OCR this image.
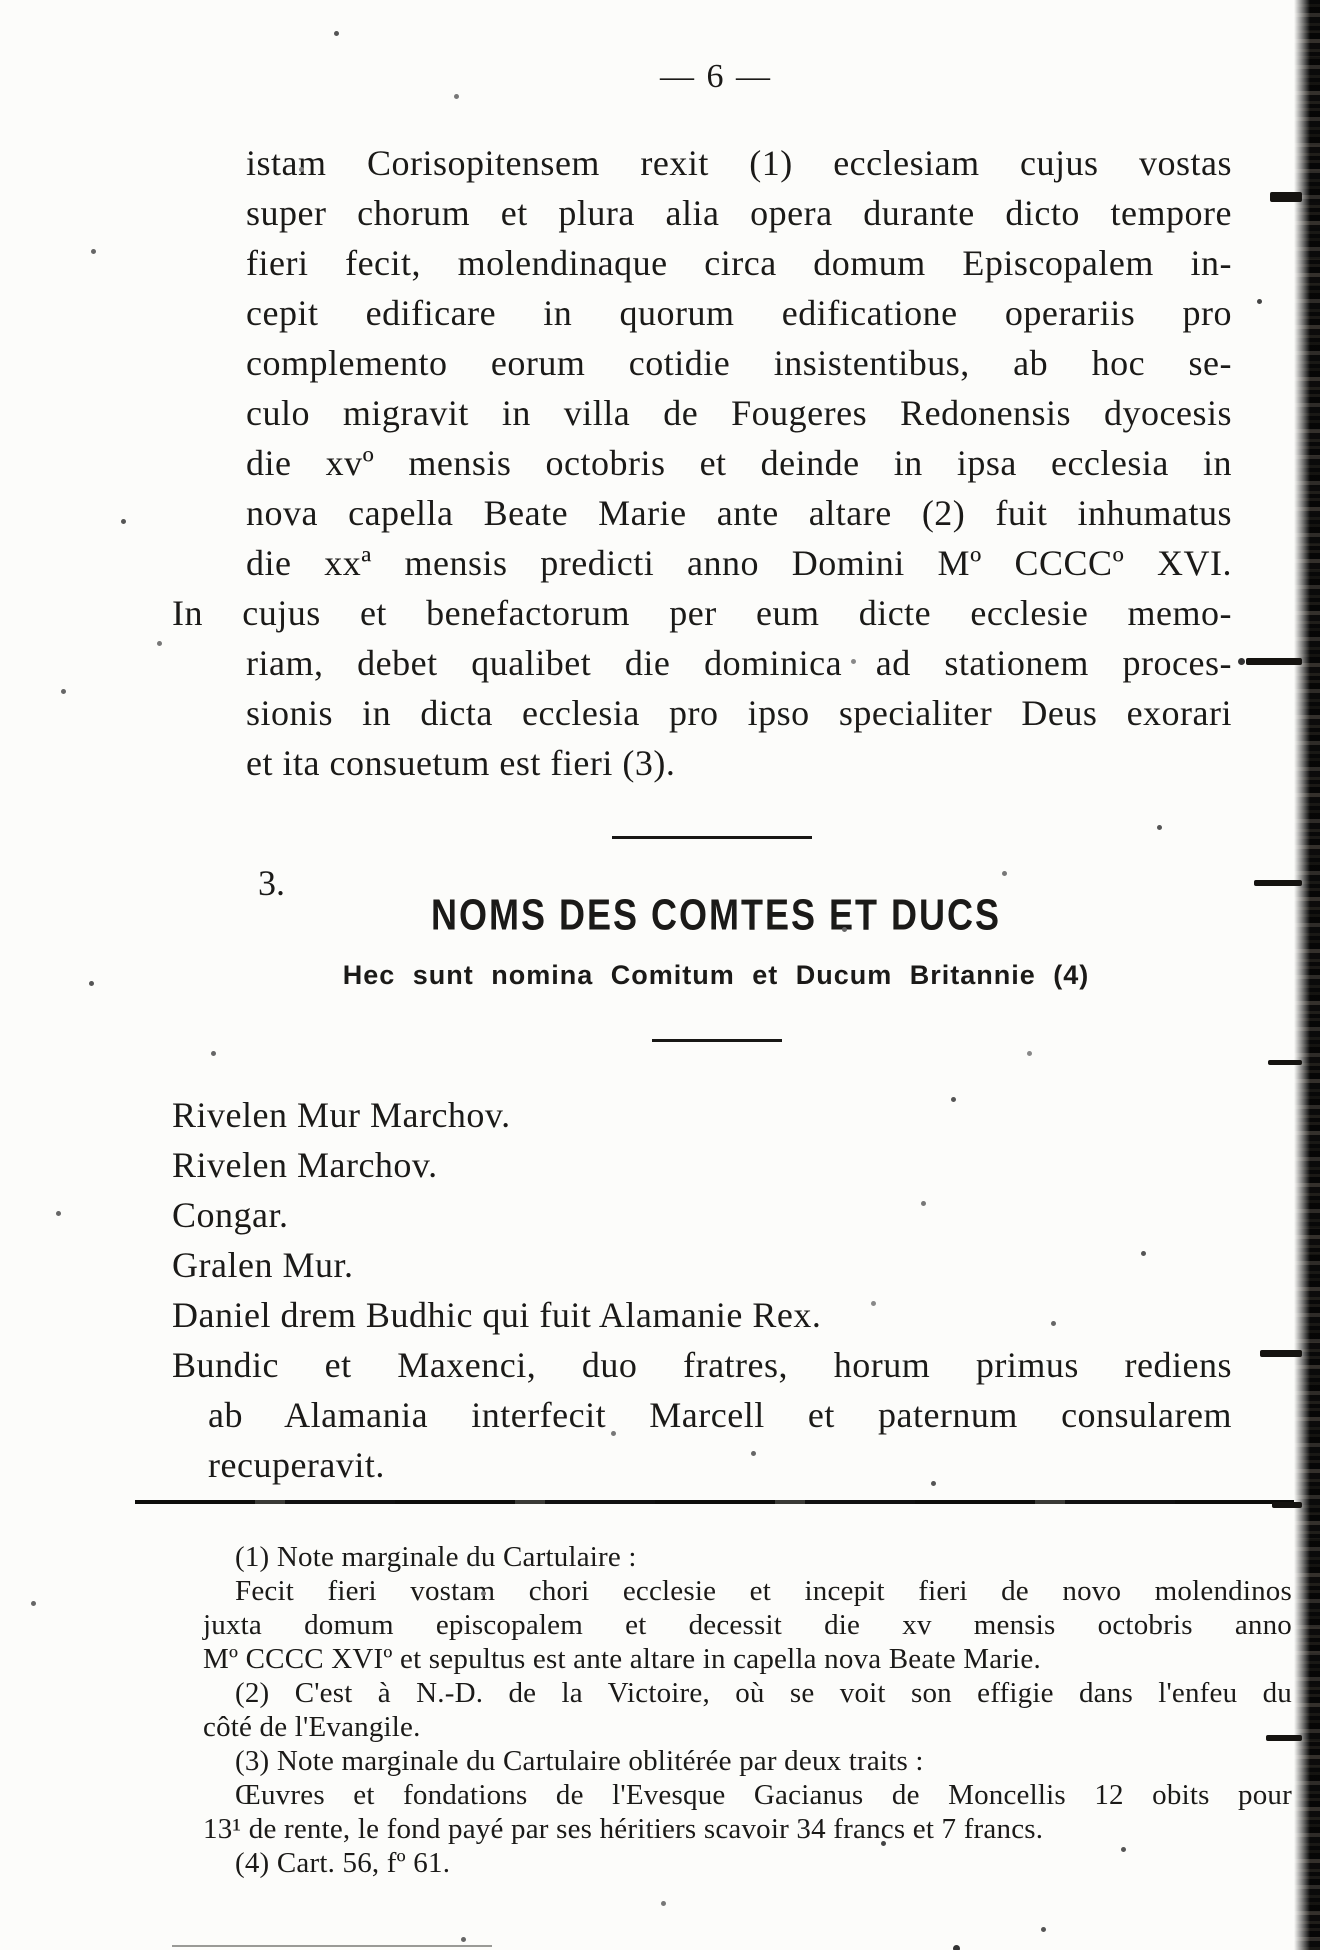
— 6 —
istam Corisopitensem rexit (1) ecclesiam cujus vostas
super chorum et plura alia opera durante dicto tempore
fieri fecit, molendinaque circa domum Episcopalem in-
cepit edificare in quorum edificatione operariis pro
complemento eorum cotidie insistentibus, ab hoc se-
culo migravit in villa de Fougeres Redonensis dyocesis
die xvº mensis octobris et deinde in ipsa ecclesia in
nova capella Beate Marie ante altare (2) fuit inhumatus
die xxª mensis predicti anno Domini Mº CCCCº XVI.
In cujus et benefactorum per eum dicte ecclesie memo-
riam, debet qualibet die dominica ad stationem proces-
sionis in dicta ecclesia pro ipso specialiter Deus exorari
et ita consuetum est fieri (3).
3.
NOMS DES COMTES ET DUCS
Hec sunt nomina Comitum et Ducum Britannie (4)
Rivelen Mur Marchov.
Rivelen Marchov.
Congar.
Gralen Mur.
Daniel drem Budhic qui fuit Alamanie Rex.
Bundic et Maxenci, duo fratres, horum primus rediens
ab Alamania interfecit Marcell et paternum consularem
recuperavit.
(1) Note marginale du Cartulaire :
Fecit fieri vostam chori ecclesie et incepit fieri de novo molendinos
juxta domum episcopalem et decessit die xv mensis octobris anno
Mº CCCC XVIº et sepultus est ante altare in capella nova Beate Marie.
(2) C'est à N.-D. de la Victoire, où se voit son effigie dans l'enfeu du
côté de l'Evangile.
(3) Note marginale du Cartulaire oblitérée par deux traits :
Œuvres et fondations de l'Evesque Gacianus de Moncellis 12 obits pour
13¹ de rente, le fond payé par ses héritiers scavoir 34 francs et 7 francs.
(4) Cart. 56, fº 61.
